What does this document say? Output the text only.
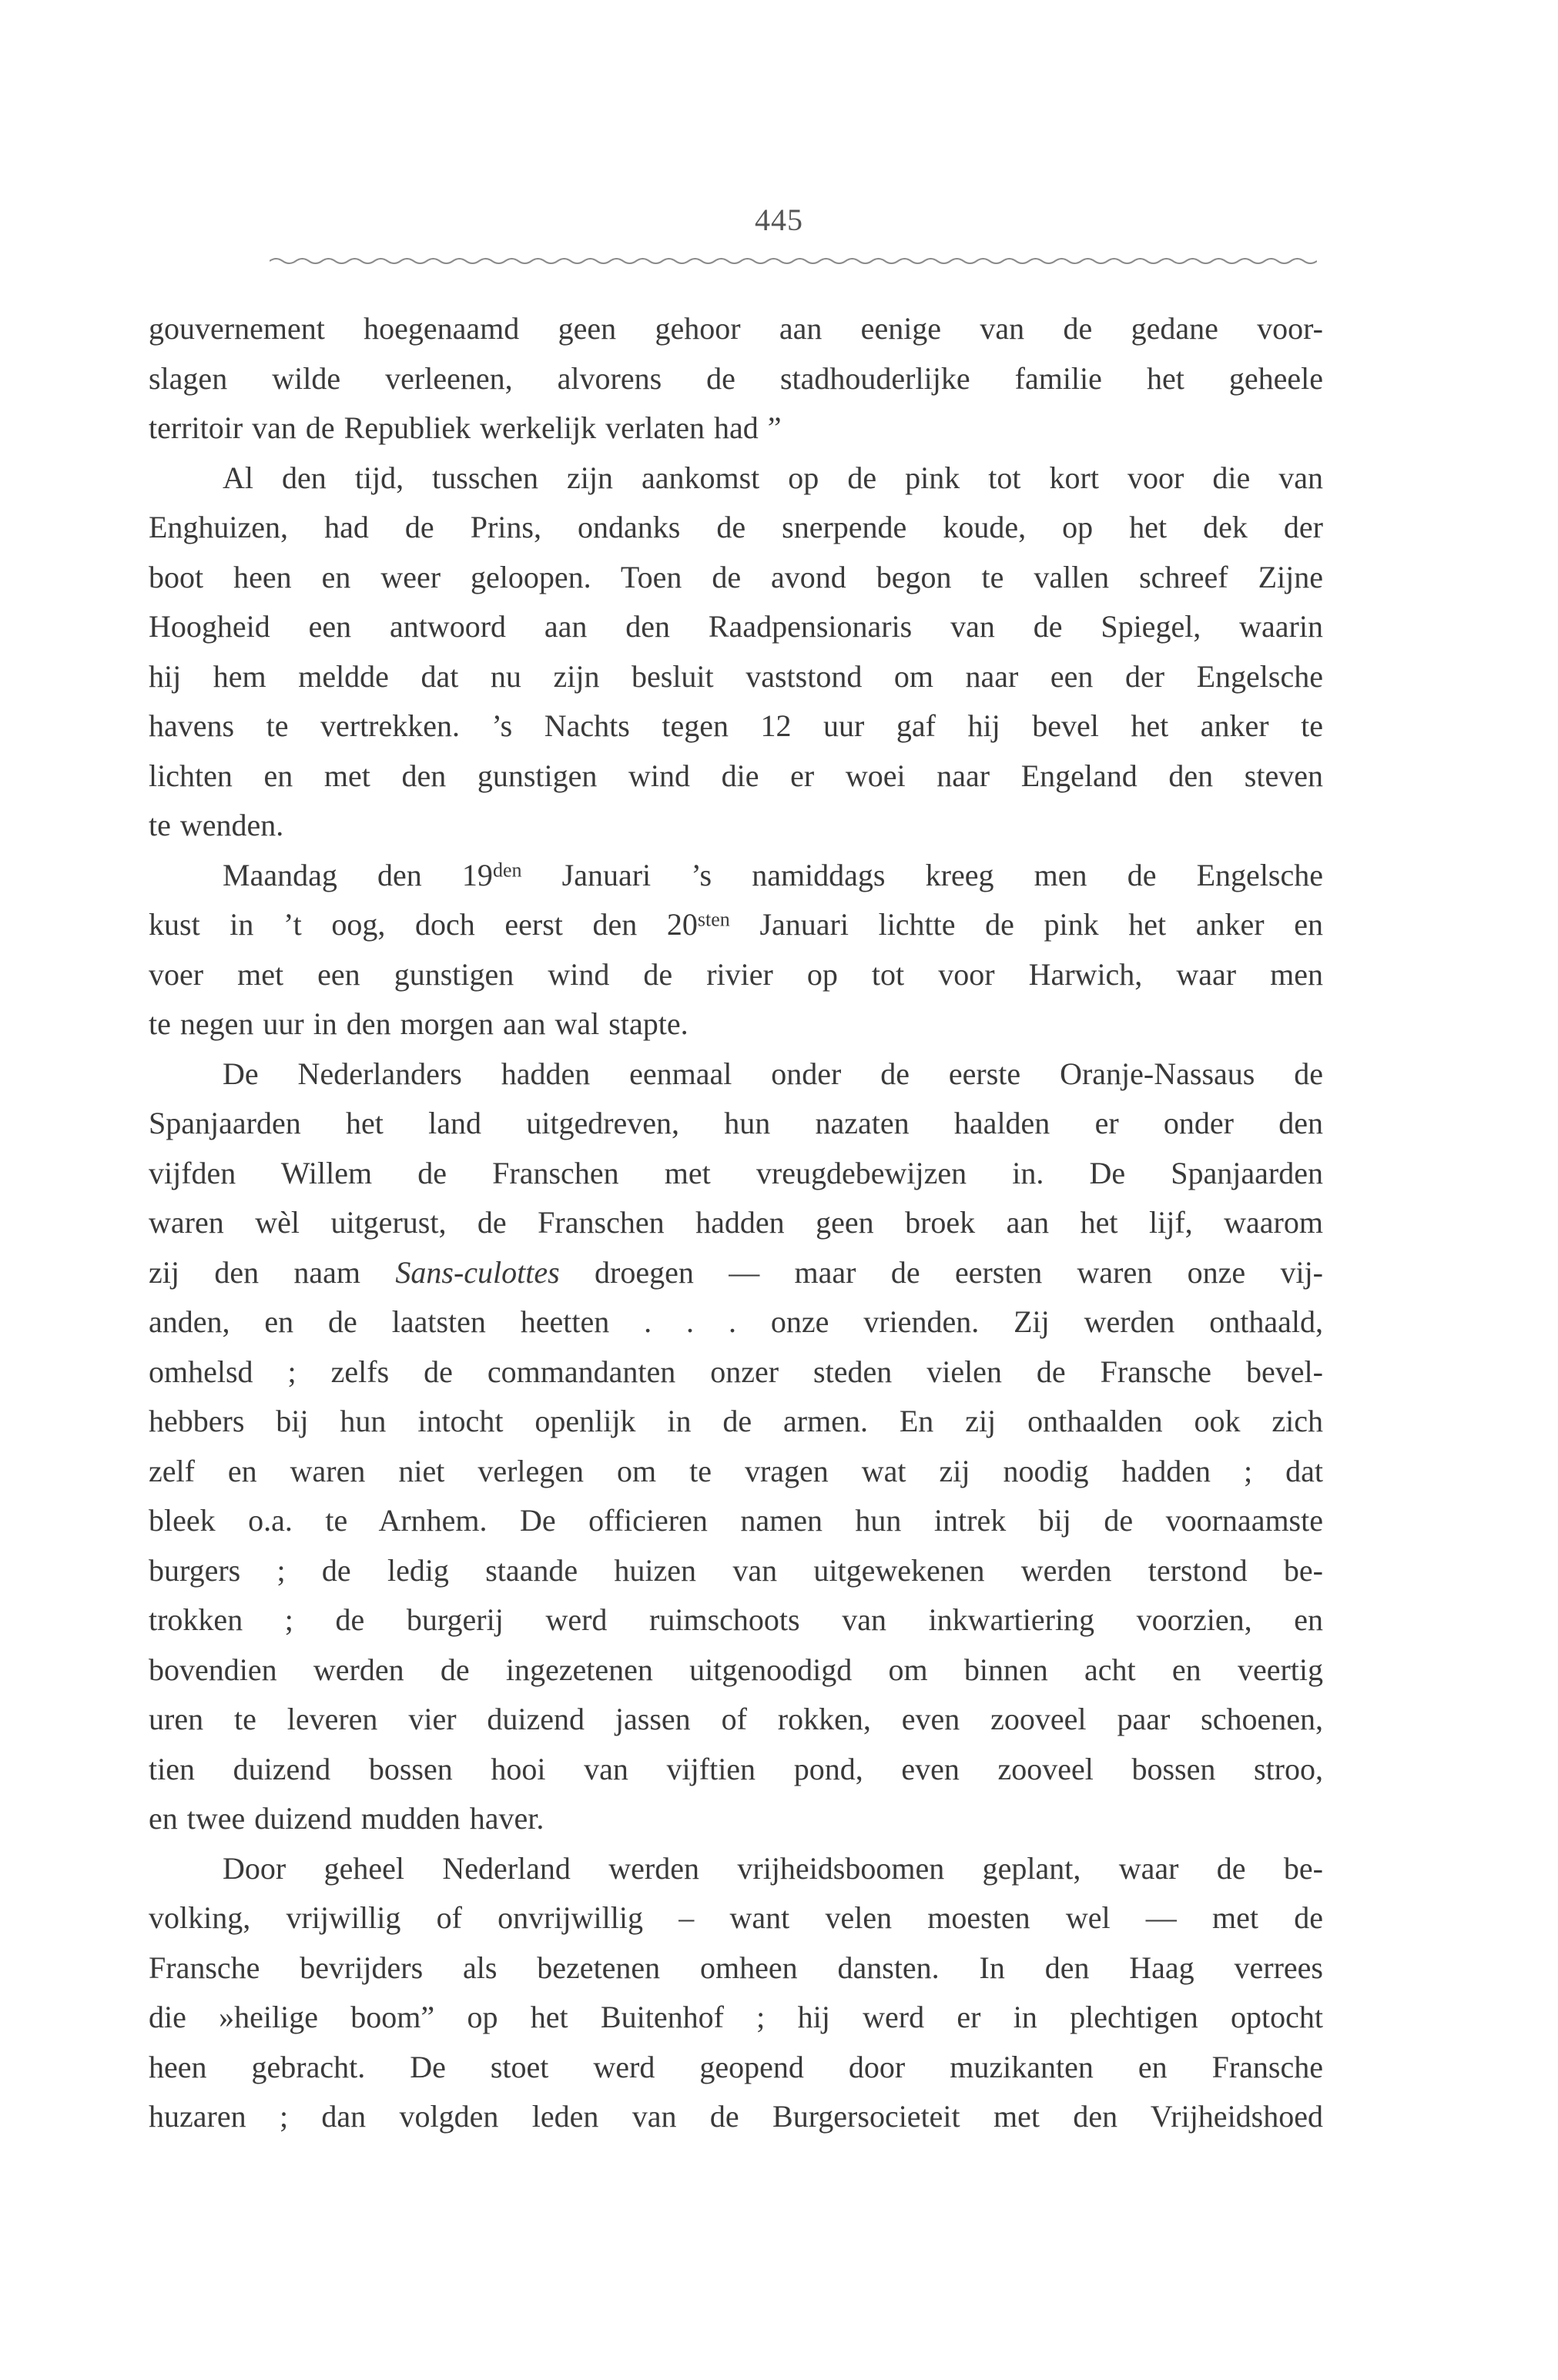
445
gouvernement hoegenaamd geen gehoor aan eenige van de gedane voor-
slagen wilde verleenen, alvorens de stadhouderlijke familie het geheele
territoir van de Republiek werkelijk verlaten had ”
Al den tijd, tusschen zijn aankomst op de pink tot kort voor die van
Enghuizen, had de Prins, ondanks de snerpende koude, op het dek der
boot heen en weer geloopen. Toen de avond begon te vallen schreef Zijne
Hoogheid een antwoord aan den Raadpensionaris van de Spiegel, waarin
hij hem meldde dat nu zijn besluit vaststond om naar een der Engelsche
havens te vertrekken. ’s Nachts tegen 12 uur gaf hij bevel het anker te
lichten en met den gunstigen wind die er woei naar Engeland den steven
te wenden.
Maandag den $19^{den}$ Januari ’s namiddags kreeg men de Engelsche
kust in ’t oog, doch eerst den $20^{sten}$ Januari lichtte de pink het anker en
voer met een gunstigen wind de rivier op tot voor Harwich, waar men
te negen uur in den morgen aan wal stapte.
De Nederlanders hadden eenmaal onder de eerste Oranje-Nassaus de
Spanjaarden het land uitgedreven, hun nazaten haalden er onder den
vijfden Willem de Franschen met vreugdebewijzen in. De Spanjaarden
waren wèl uitgerust, de Franschen hadden geen broek aan het lijf, waarom
zij den naam Sans-culottes droegen — maar de eersten waren onze vij-
anden, en de laatsten heetten . . . onze vrienden. Zij werden onthaald,
omhelsd ; zelfs de commandanten onzer steden vielen de Fransche bevel-
hebbers bij hun intocht openlijk in de armen. En zij onthaalden ook zich
zelf en waren niet verlegen om te vragen wat zij noodig hadden ; dat
bleek o.a. te Arnhem. De officieren namen hun intrek bij de voornaamste
burgers ; de ledig staande huizen van uitgewekenen werden terstond be-
trokken ; de burgerij werd ruimschoots van inkwartiering voorzien, en
bovendien werden de ingezetenen uitgenoodigd om binnen acht en veertig
uren te leveren vier duizend jassen of rokken, even zooveel paar schoenen,
tien duizend bossen hooi van vijftien pond, even zooveel bossen stroo,
en twee duizend mudden haver.
Door geheel Nederland werden vrijheidsboomen geplant, waar de be-
volking, vrijwillig of onvrijwillig – want velen moesten wel — met de
Fransche bevrijders als bezetenen omheen dansten. In den Haag verrees
die »heilige boom” op het Buitenhof ; hij werd er in plechtigen optocht
heen gebracht. De stoet werd geopend door muzikanten en Fransche
huzaren ; dan volgden leden van de Burgersocieteit met den Vrijheidshoed
